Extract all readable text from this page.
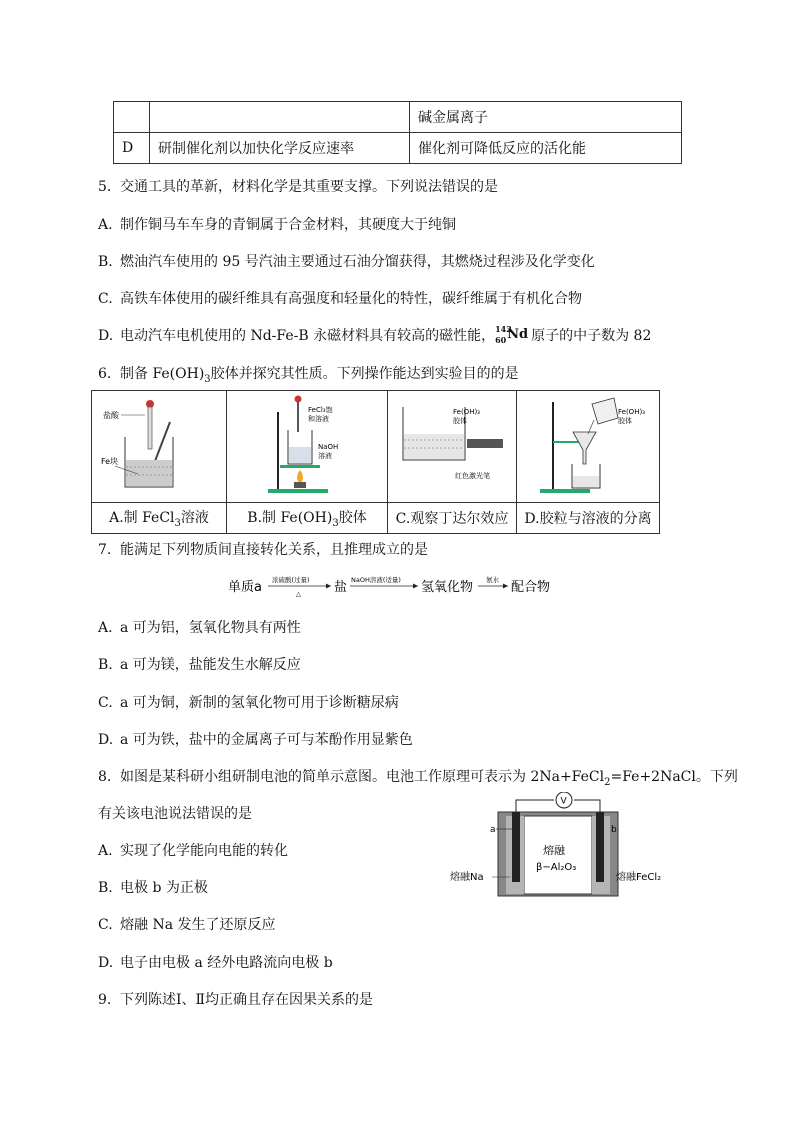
		碱金属离子
D	研制催化剂以加快化学反应速率	催化剂可降低反应的活化能
5. 交通工具的革新，材料化学是其重要支撑。下列说法错误的是
A. 制作铜马车车身的青铜属于合金材料，其硬度大于纯铜
B. 燃油汽车使用的 95 号汽油主要通过石油分馏获得，其燃烧过程涉及化学变化
C. 高铁车体使用的碳纤维具有高强度和轻量化的特性，碳纤维属于有机化合物
D. 电动汽车电机使用的 Nd-Fe-B 永磁材料具有较高的磁性能， 142
60 Nd 原子的中子数为 82
6. 制备 $Fe(OH)_3$胶体并探究其性质。下列操作能达到实验目的的是
盐酸
Fe块	FeCl₃饱
和溶液
NaOH
溶液	Fe(OH)₃
胶体
红色激光笔	Fe(OH)₃
胶体

A.制 FeCl$_3$溶液	B.制 $Fe(OH)_3$胶体	C.观察丁达尔效应	D.胶粒与溶液的分离
7. 能满足下列物质间直接转化关系，且推理成立的是
单质a 浓硫酸(过量)
△	盐 NaOH溶液(适量) 氢氧化物 氨水 配合物
A. a 可为铝，氢氧化物具有两性
B. a 可为镁，盐能发生水解反应
C. a 可为铜，新制的氢氧化物可用于诊断糖尿病
D. a 可为铁，盐中的金属离子可与苯酚作用显紫色
8. 如图是某科研小组研制电池的简单示意图。电池工作原理可表示为 2Na+FeCl$_2$=Fe+2NaCl。下列
有关该电池说法错误的是
V
a	b
熔融
β−Al₂O₃
熔融Na	熔融FeCl₂
A. 实现了化学能向电能的转化
B. 电极 b 为正极
C. 熔融 Na 发生了还原反应
D. 电子由电极 a 经外电路流向电极 b
9. 下列陈述Ⅰ、Ⅱ均正确且存在因果关系的是
